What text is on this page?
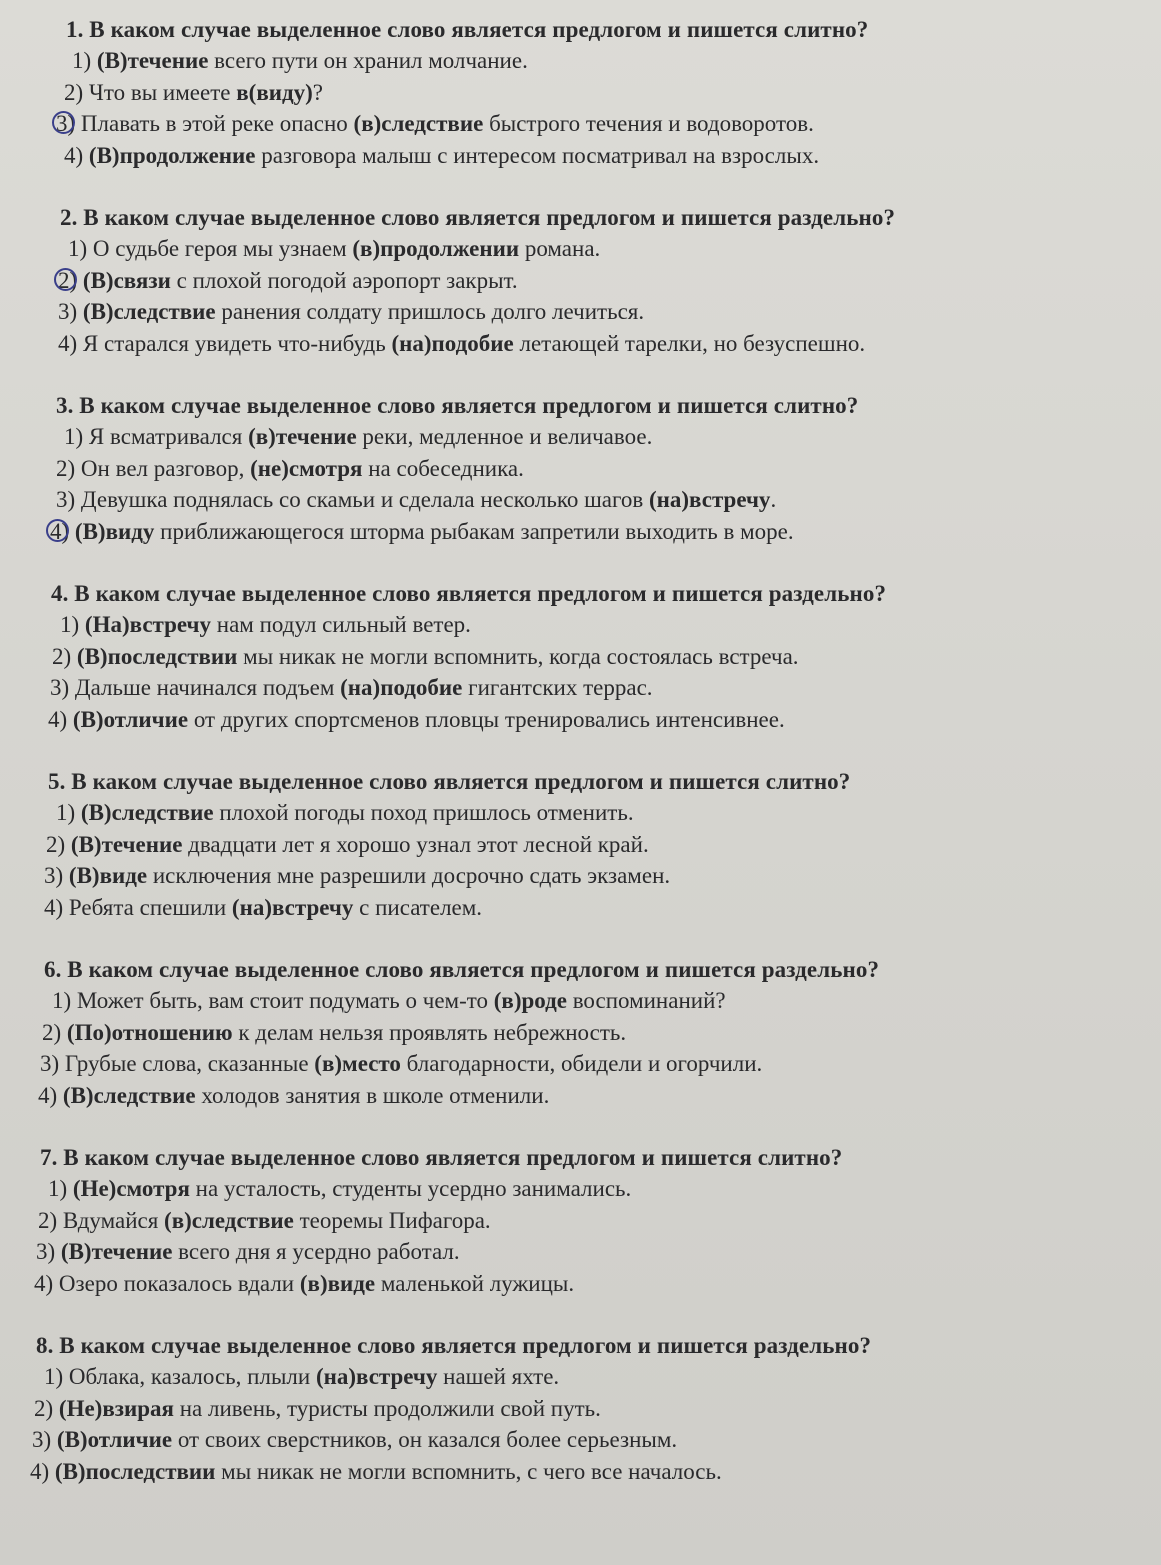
1. В каком случае выделенное слово является предлогом и пишется слитно?
1) (В)течение всего пути он хранил молчание.
2) Что вы имеете в(виду)?
3) Плавать в этой реке опасно (в)следствие быстрого течения и водоворотов.
4) (В)продолжение разговора малыш с интересом посматривал на взрослых.
2. В каком случае выделенное слово является предлогом и пишется раздельно?
1) О судьбе героя мы узнаем (в)продолжении романа.
2) (В)связи с плохой погодой аэропорт закрыт.
3) (В)следствие ранения солдату пришлось долго лечиться.
4) Я старался увидеть что-нибудь (на)подобие летающей тарелки, но безуспешно.
3. В каком случае выделенное слово является предлогом и пишется слитно?
1) Я всматривался (в)течение реки, медленное и величавое.
2) Он вел разговор, (не)смотря на собеседника.
3) Девушка поднялась со скамьи и сделала несколько шагов (на)встречу.
4) (В)виду приближающегося шторма рыбакам запретили выходить в море.
4. В каком случае выделенное слово является предлогом и пишется раздельно?
1) (На)встречу нам подул сильный ветер.
2) (В)последствии мы никак не могли вспомнить, когда состоялась встреча.
3) Дальше начинался подъем (на)подобие гигантских террас.
4) (В)отличие от других спортсменов пловцы тренировались интенсивнее.
5. В каком случае выделенное слово является предлогом и пишется слитно?
1) (В)следствие плохой погоды поход пришлось отменить.
2) (В)течение двадцати лет я хорошо узнал этот лесной край.
3) (В)виде исключения мне разрешили досрочно сдать экзамен.
4) Ребята спешили (на)встречу с писателем.
6. В каком случае выделенное слово является предлогом и пишется раздельно?
1) Может быть, вам стоит подумать о чем-то (в)роде воспоминаний?
2) (По)отношению к делам нельзя проявлять небрежность.
3) Грубые слова, сказанные (в)место благодарности, обидели и огорчили.
4) (В)следствие холодов занятия в школе отменили.
7. В каком случае выделенное слово является предлогом и пишется слитно?
1) (Не)смотря на усталость, студенты усердно занимались.
2) Вдумайся (в)следствие теоремы Пифагора.
3) (В)течение всего дня я усердно работал.
4) Озеро показалось вдали (в)виде маленькой лужицы.
8. В каком случае выделенное слово является предлогом и пишется раздельно?
1) Облака, казалось, плыли (на)встречу нашей яхте.
2) (Не)взирая на ливень, туристы продолжили свой путь.
3) (В)отличие от своих сверстников, он казался более серьезным.
4) (В)последствии мы никак не могли вспомнить, с чего все началось.
